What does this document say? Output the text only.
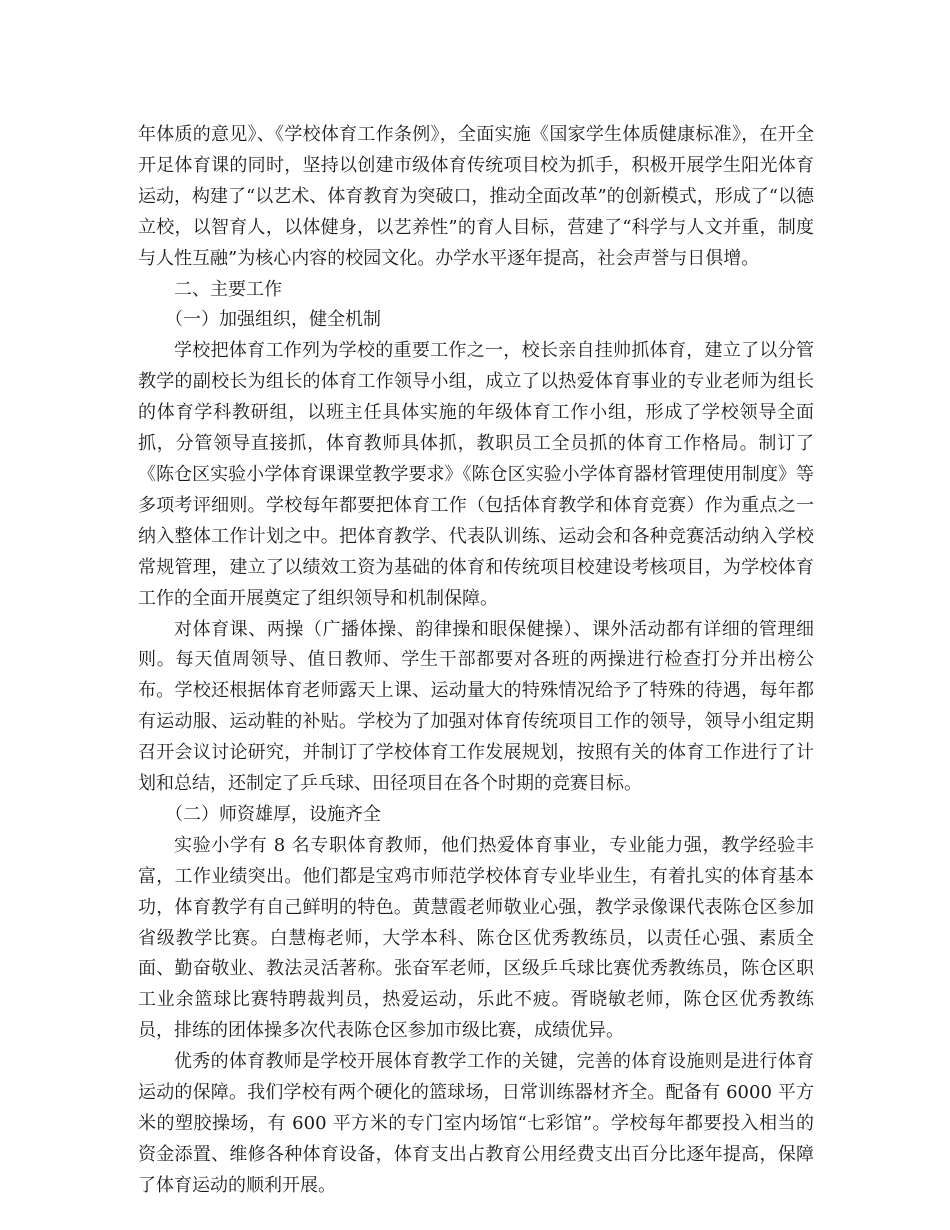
年体质的意见》、《学校体育工作条例》，全面实施《国家学生体质健康标准》，在开全开足体育课的同时，坚持以创建市级体育传统项目校为抓手，积极开展学生阳光体育运动，构建了“以艺术、体育教育为突破口，推动全面改革”的创新模式，形成了“以德立校，以智育人，以体健身，以艺养性”的育人目标，营建了“科学与人文并重，制度与人性互融”为核心内容的校园文化。办学水平逐年提高，社会声誉与日俱增。

二、主要工作

（一）加强组织，健全机制

学校把体育工作列为学校的重要工作之一，校长亲自挂帅抓体育，建立了以分管教学的副校长为组长的体育工作领导小组，成立了以热爱体育事业的专业老师为组长的体育学科教研组，以班主任具体实施的年级体育工作小组，形成了学校领导全面抓，分管领导直接抓，体育教师具体抓，教职员工全员抓的体育工作格局。制订了《陈仓区实验小学体育课课堂教学要求》《陈仓区实验小学体育器材管理使用制度》等多项考评细则。学校每年都要把体育工作（包括体育教学和体育竞赛）作为重点之一纳入整体工作计划之中。把体育教学、代表队训练、运动会和各种竞赛活动纳入学校常规管理，建立了以绩效工资为基础的体育和传统项目校建设考核项目，为学校体育工作的全面开展奠定了组织领导和机制保障。

对体育课、两操（广播体操、韵律操和眼保健操）、课外活动都有详细的管理细则。每天值周领导、值日教师、学生干部都要对各班的两操进行检查打分并出榜公布。学校还根据体育老师露天上课、运动量大的特殊情况给予了特殊的待遇，每年都有运动服、运动鞋的补贴。学校为了加强对体育传统项目工作的领导，领导小组定期召开会议讨论研究，并制订了学校体育工作发展规划，按照有关的体育工作进行了计划和总结，还制定了乒乓球、田径项目在各个时期的竞赛目标。

（二）师资雄厚，设施齐全

实验小学有 8 名专职体育教师，他们热爱体育事业，专业能力强，教学经验丰富，工作业绩突出。他们都是宝鸡市师范学校体育专业毕业生，有着扎实的体育基本功，体育教学有自己鲜明的特色。黄慧霞老师敬业心强，教学录像课代表陈仓区参加省级教学比赛。白慧梅老师，大学本科、陈仓区优秀教练员，以责任心强、素质全面、勤奋敬业、教法灵活著称。张奋军老师，区级乒乓球比赛优秀教练员，陈仓区职工业余篮球比赛特聘裁判员，热爱运动，乐此不疲。胥晓敏老师，陈仓区优秀教练员，排练的团体操多次代表陈仓区参加市级比赛，成绩优异。

优秀的体育教师是学校开展体育教学工作的关键，完善的体育设施则是进行体育运动的保障。我们学校有两个硬化的篮球场，日常训练器材齐全。配备有 6000 平方米的塑胶操场，有 600 平方米的专门室内场馆“七彩馆”。学校每年都要投入相当的资金添置、维修各种体育设备，体育支出占教育公用经费支出百分比逐年提高，保障了体育运动的顺利开展。
